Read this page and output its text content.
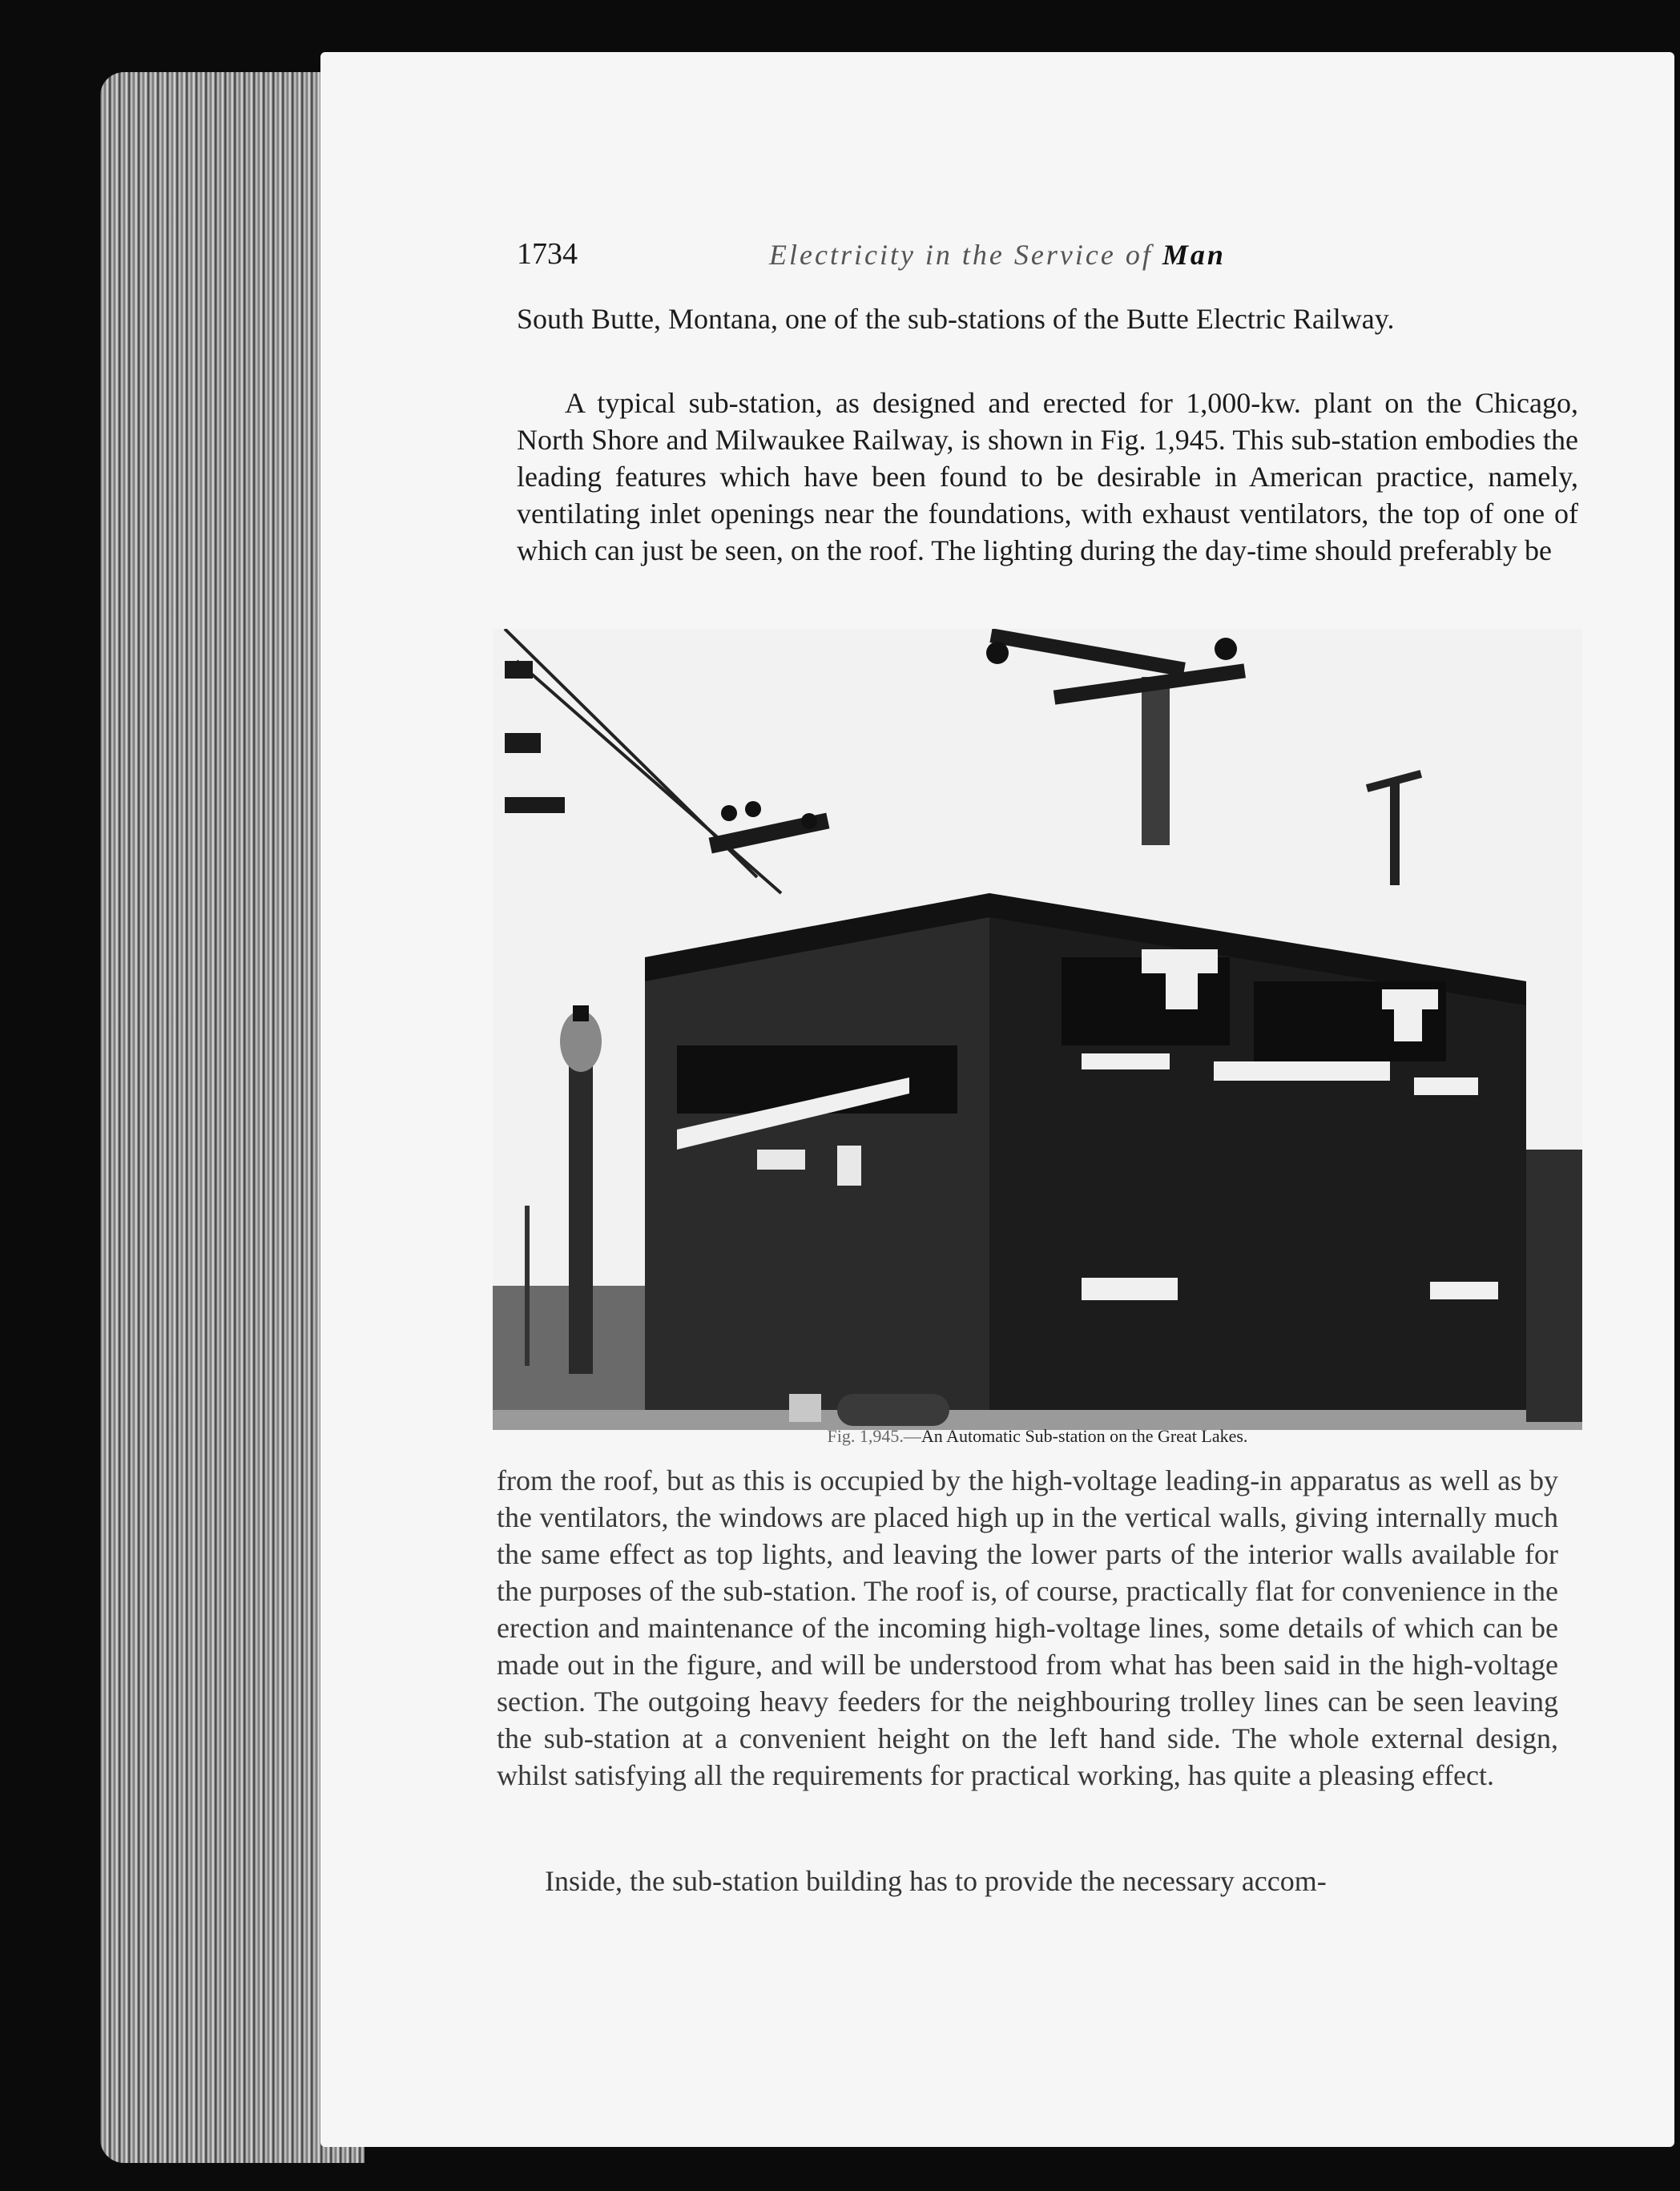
1734	Electricity in the Service of Man

South Butte, Montana, one of the sub-stations of the Butte Electric Railway.

A typical sub-station, as designed and erected for 1,000-kw. plant on the Chicago, North Shore and Milwaukee Railway, is shown in Fig. 1,945. This sub-station embodies the leading features which have been found to be desirable in American practice, namely, ventilating inlet openings near the foundations, with exhaust ventilators, the top of one of which can just be seen, on the roof. The lighting during the day-time should preferably be

Fig. 1,945.—An Automatic Sub-station on the Great Lakes.

from the roof, but as this is occupied by the high-voltage leading-in apparatus as well as by the ventilators, the windows are placed high up in the vertical walls, giving internally much the same effect as top lights, and leaving the lower parts of the interior walls available for the purposes of the sub-station. The roof is, of course, practically flat for convenience in the erection and maintenance of the incoming high-voltage lines, some details of which can be made out in the figure, and will be understood from what has been said in the high-voltage section. The outgoing heavy feeders for the neighbouring trolley lines can be seen leaving the sub-station at a convenient height on the left hand side. The whole external design, whilst satisfying all the requirements for practical working, has quite a pleasing effect.

Inside, the sub-station building has to provide the necessary accom-
